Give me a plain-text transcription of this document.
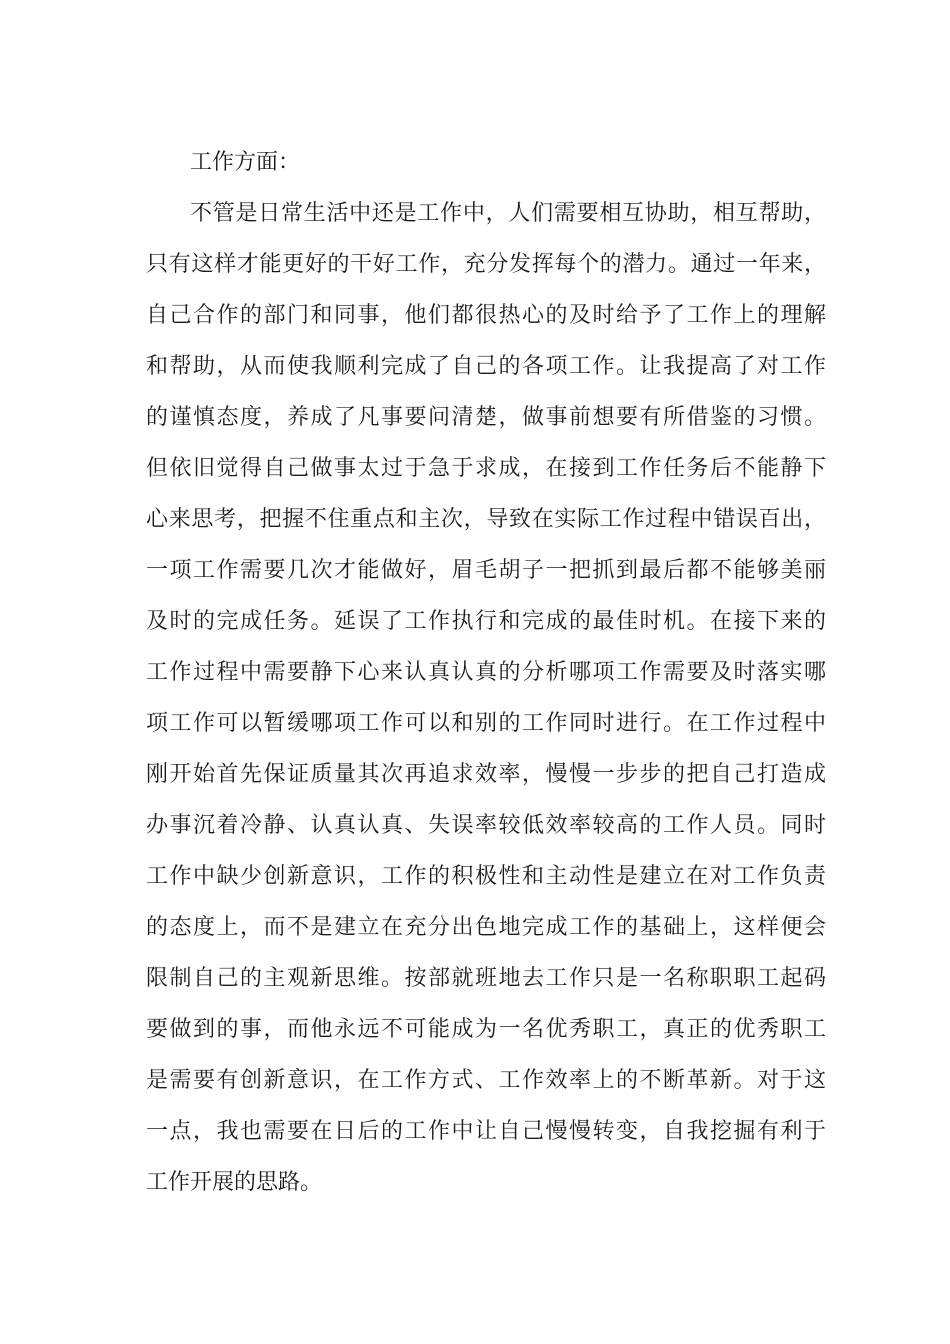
工作方面：
不管是日常生活中还是工作中，人们需要相互协助，相互帮助，
只有这样才能更好的干好工作，充分发挥每个的潜力。通过一年来，
自己合作的部门和同事，他们都很热心的及时给予了工作上的理解
和帮助，从而使我顺利完成了自己的各项工作。让我提高了对工作
的谨慎态度，养成了凡事要问清楚，做事前想要有所借鉴的习惯。
但依旧觉得自己做事太过于急于求成，在接到工作任务后不能静下
心来思考，把握不住重点和主次，导致在实际工作过程中错误百出，
一项工作需要几次才能做好，眉毛胡子一把抓到最后都不能够美丽
及时的完成任务。延误了工作执行和完成的最佳时机。在接下来的
工作过程中需要静下心来认真认真的分析哪项工作需要及时落实哪
项工作可以暂缓哪项工作可以和别的工作同时进行。在工作过程中
刚开始首先保证质量其次再追求效率，慢慢一步步的把自己打造成
办事沉着冷静、认真认真、失误率较低效率较高的工作人员。同时
工作中缺少创新意识，工作的积极性和主动性是建立在对工作负责
的态度上，而不是建立在充分出色地完成工作的基础上，这样便会
限制自己的主观新思维。按部就班地去工作只是一名称职职工起码
要做到的事，而他永远不可能成为一名优秀职工，真正的优秀职工
是需要有创新意识，在工作方式、工作效率上的不断革新。对于这
一点，我也需要在日后的工作中让自己慢慢转变，自我挖掘有利于
工作开展的思路。
